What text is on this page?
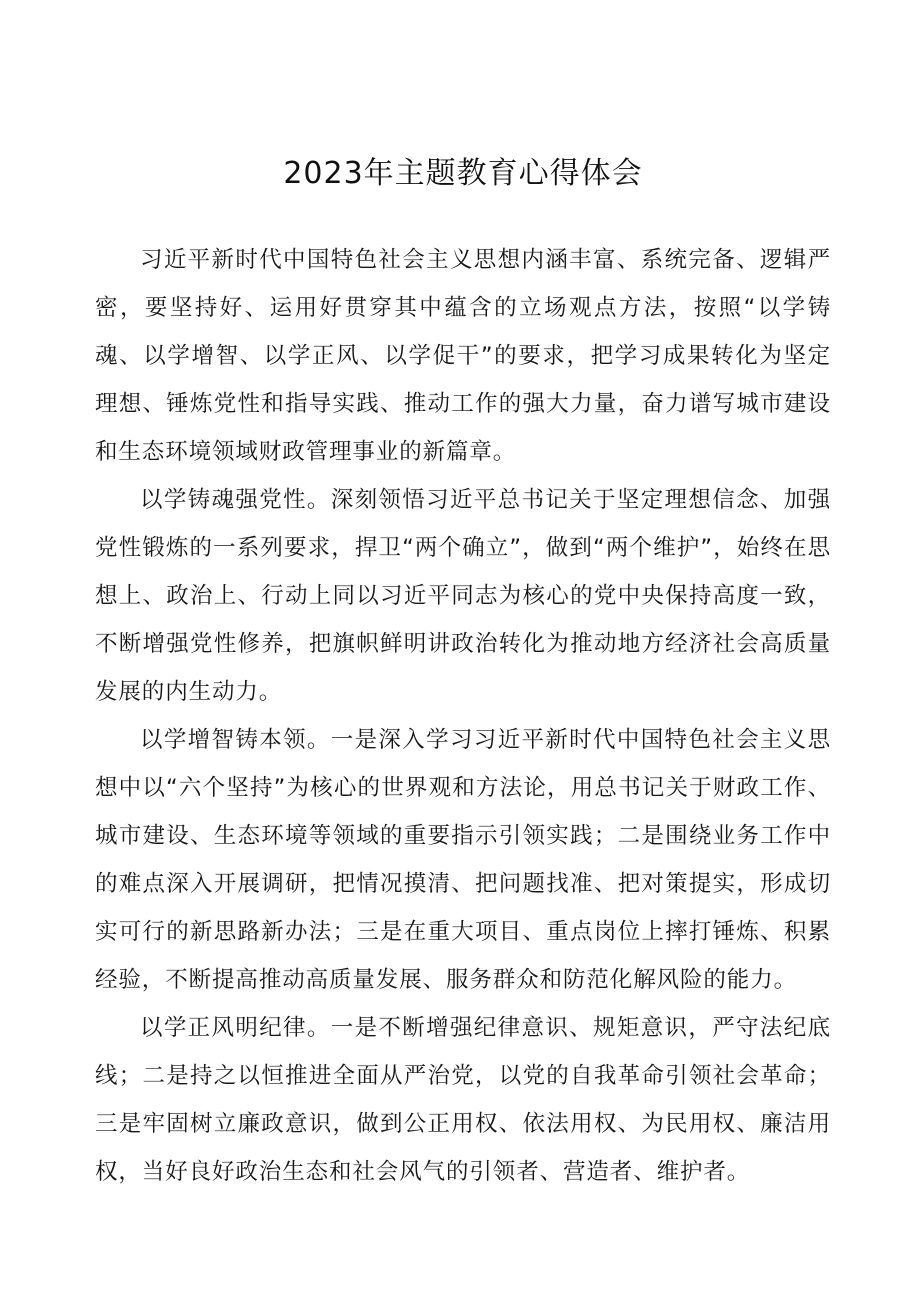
2023年主题教育心得体会

习近平新时代中国特色社会主义思想内涵丰富、系统完备、逻辑严密，要坚持好、运用好贯穿其中蕴含的立场观点方法，按照“以学铸魂、以学增智、以学正风、以学促干”的要求，把学习成果转化为坚定理想、锤炼党性和指导实践、推动工作的强大力量，奋力谱写城市建设和生态环境领域财政管理事业的新篇章。

以学铸魂强党性。深刻领悟习近平总书记关于坚定理想信念、加强党性锻炼的一系列要求，捍卫“两个确立”，做到“两个维护”，始终在思想上、政治上、行动上同以习近平同志为核心的党中央保持高度一致，不断增强党性修养，把旗帜鲜明讲政治转化为推动地方经济社会高质量发展的内生动力。

以学增智铸本领。一是深入学习习近平新时代中国特色社会主义思想中以“六个坚持”为核心的世界观和方法论，用总书记关于财政工作、城市建设、生态环境等领域的重要指示引领实践；二是围绕业务工作中的难点深入开展调研，把情况摸清、把问题找准、把对策提实，形成切实可行的新思路新办法；三是在重大项目、重点岗位上摔打锤炼、积累经验，不断提高推动高质量发展、服务群众和防范化解风险的能力。

以学正风明纪律。一是不断增强纪律意识、规矩意识，严守法纪底线；二是持之以恒推进全面从严治党，以党的自我革命引领社会革命；三是牢固树立廉政意识，做到公正用权、依法用权、为民用权、廉洁用权，当好良好政治生态和社会风气的引领者、营造者、维护者。
